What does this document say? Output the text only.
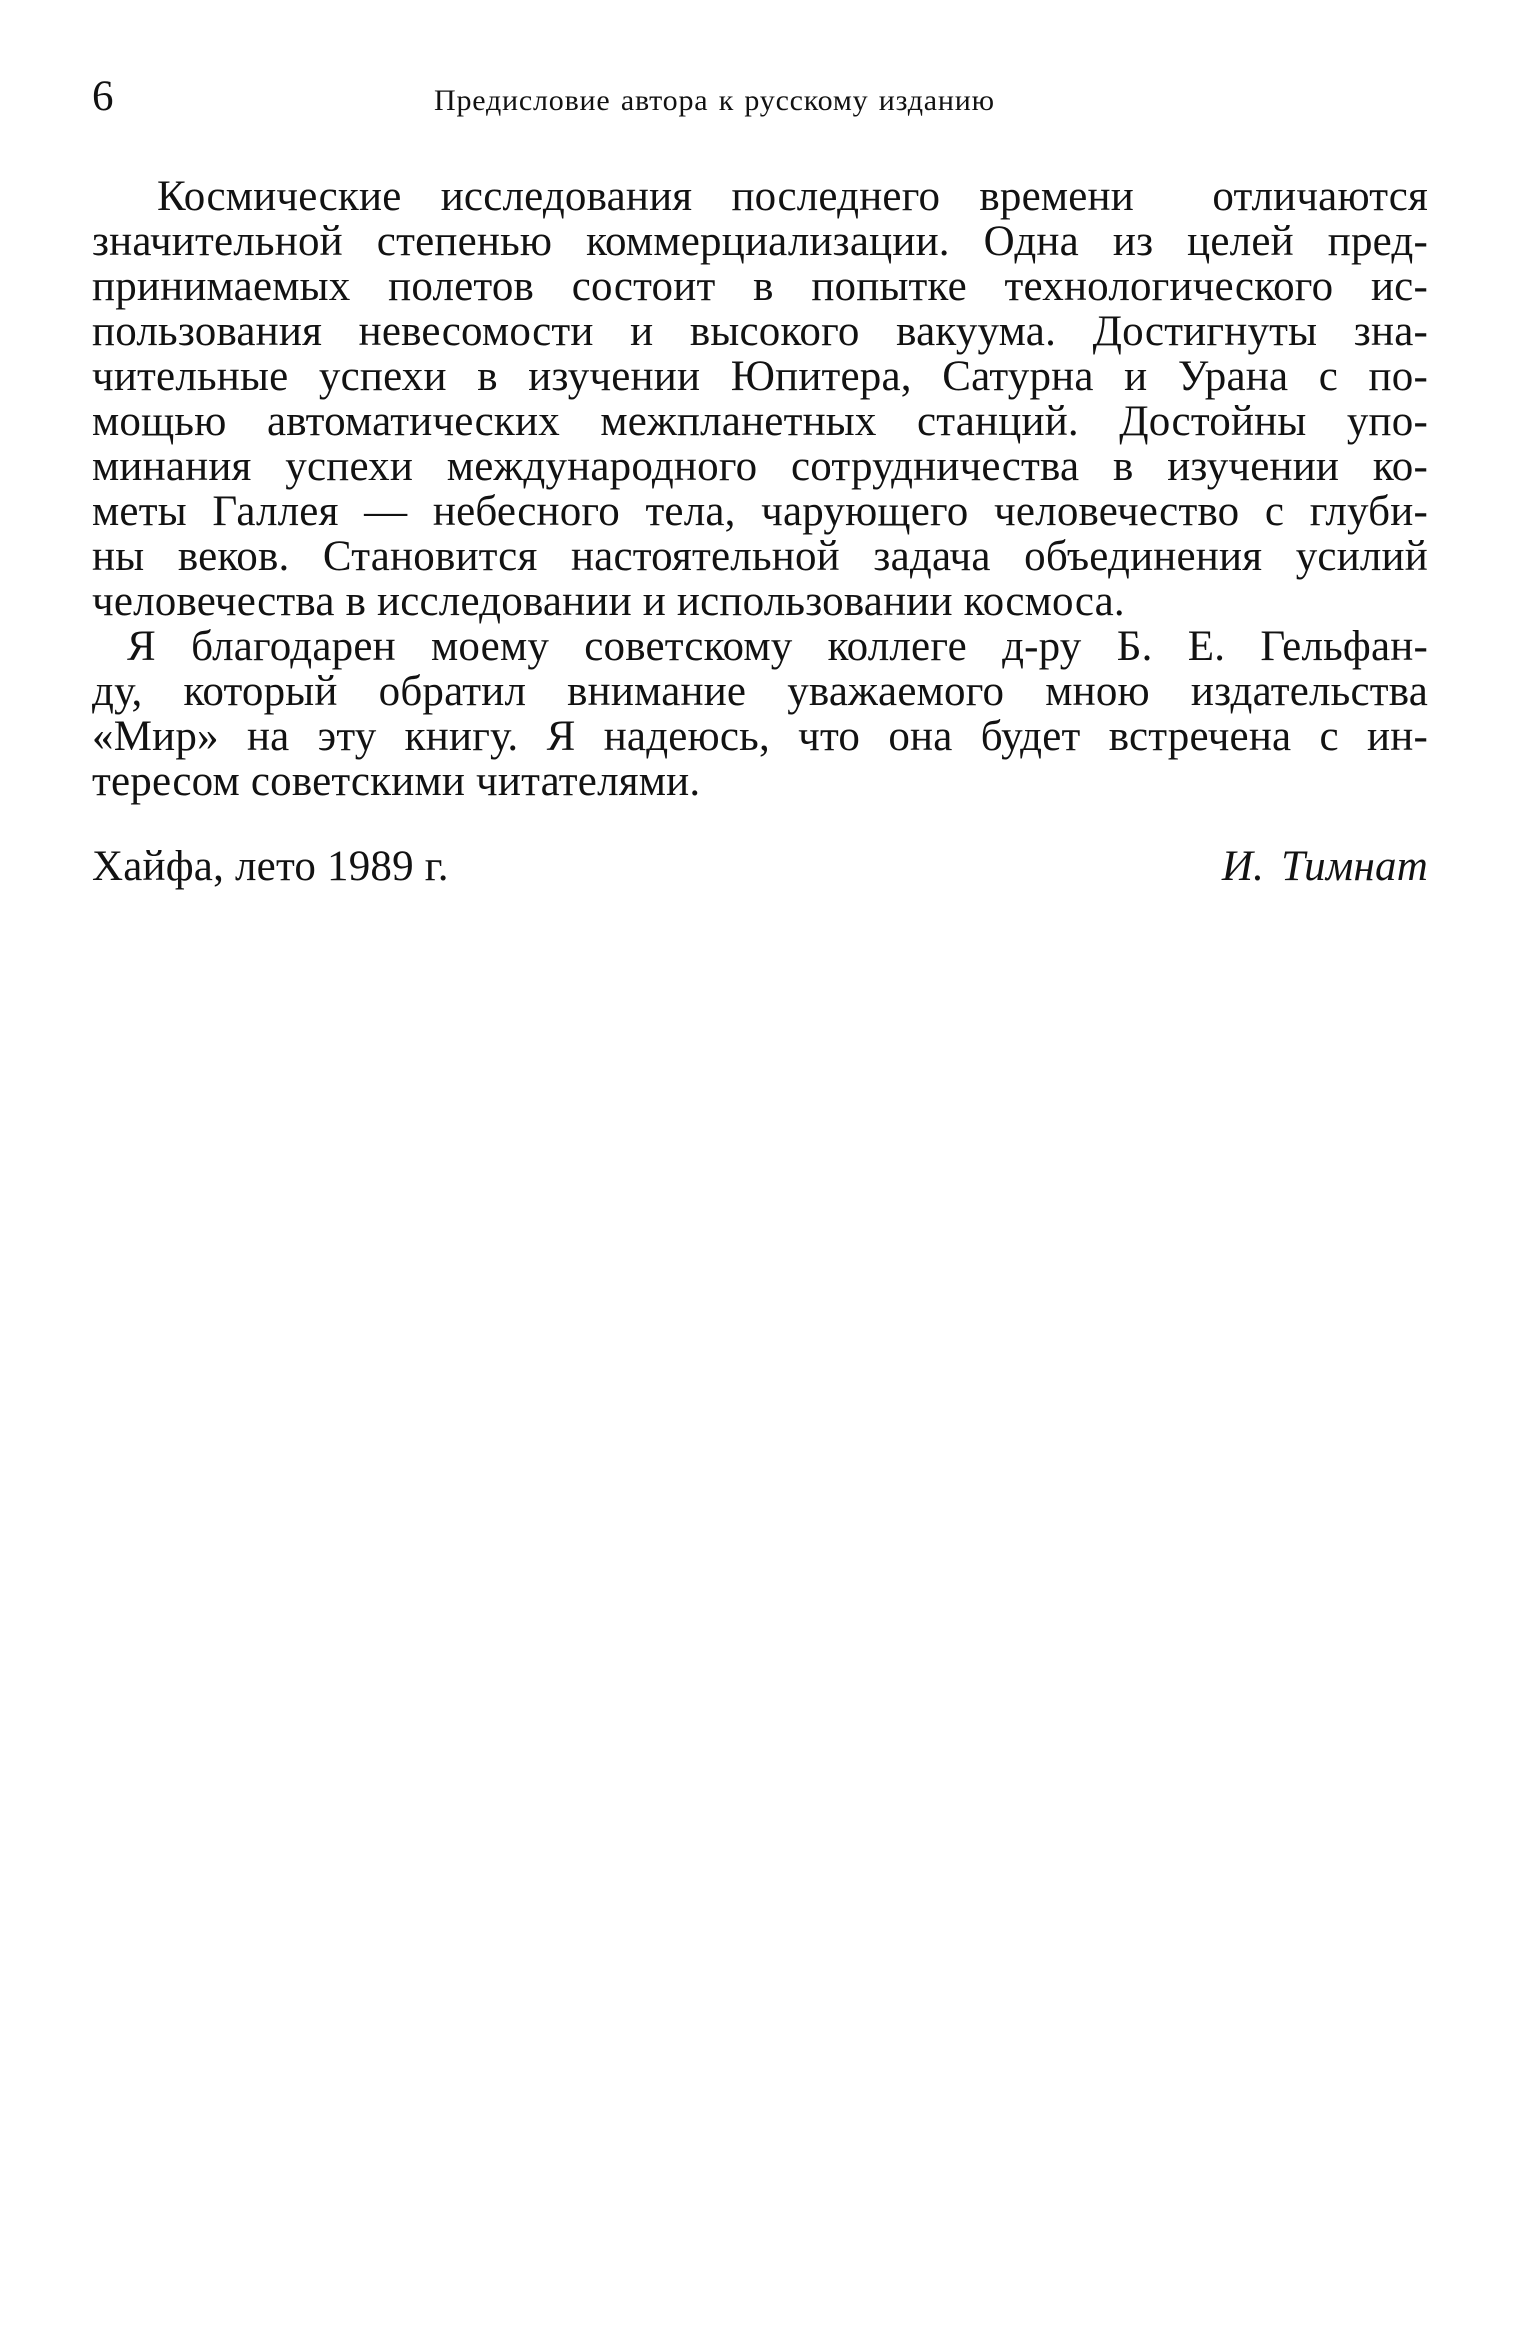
6	Предисловие автора к русскому изданию
Космические исследования последнего времени  отличаются
значительной степенью коммерциализации. Одна из целей пред-
принимаемых полетов состоит в попытке технологического ис-
пользования невесомости и высокого вакуума. Достигнуты зна-
чительные успехи в изучении Юпитера, Сатурна и Урана с по-
мощью автоматических межпланетных станций. Достойны упо-
минания успехи международного сотрудничества в изучении ко-
меты Галлея — небесного тела, чарующего человечество с глуби-
ны веков. Становится настоятельной задача объединения усилий
человечества в исследовании и использовании космоса.
Я благодарен моему советскому коллеге д-ру Б. Е. Гельфан-
ду, который обратил внимание уважаемого мною издательства
«Мир» на эту книгу. Я надеюсь, что она будет встречена с ин-
тересом советскими читателями.
Хайфа, лето 1989 г.	И. Тимнат
